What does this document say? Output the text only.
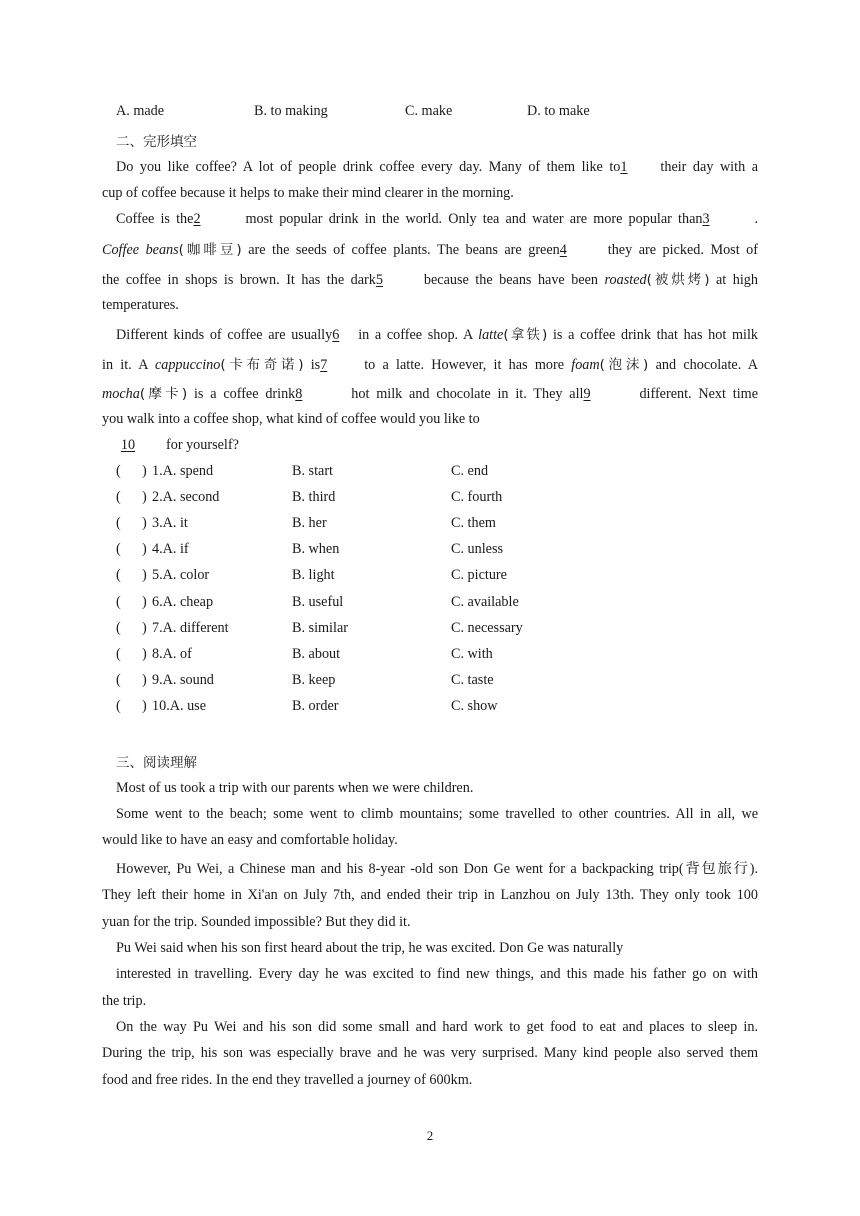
A. made	B. to making	C. make	D. to make
二、完形填空
Do you like coffee? A lot of people drink coffee every day. Many of them like to1 their day with a
cup of coffee because it helps to make their mind clearer in the morning.
Coffee is the2	most popular drink in the world. Only tea and water are more popular than3	.
Coffee beans(咖啡豆) are the seeds of coffee plants. The beans are green4	they are picked. Most of
the coffee in shops is brown. It has the dark5	because the beans have been roasted(被烘烤) at high
temperatures.
Different kinds of coffee are usually6 in a coffee shop. A latte(拿铁) is a coffee drink that has hot milk
in it. A cappuccino(卡布奇诺) is7	to a latte. However, it has more foam(泡沫) and chocolate. A
mocha(摩卡) is a coffee drink8	hot milk and chocolate in it. They all9	different. Next time
you walk into a coffee shop, what kind of coffee would you like to
10 for yourself?
(      ) 1.A. spend	B. start	C. end
(      ) 2.A. second	B. third	C. fourth
(      ) 3.A. it	B. her	C. them
(      ) 4.A. if	B. when	C. unless
(      ) 5.A. color	B. light	C. picture
(      ) 6.A. cheap	B. useful	C. available
(      ) 7.A. different	B. similar	C. necessary
(      ) 8.A. of	B. about	C. with
(      ) 9.A. sound	B. keep	C. taste
(      ) 10.A. use	B. order	C. show
三、阅读理解
Most of us took a trip with our parents when we were children.
Some went to the beach; some went to climb mountains; some travelled to other countries. All in all, we
would like to have an easy and comfortable holiday.
However, Pu Wei, a Chinese man and his 8-year -old son Don Ge went for a backpacking trip(背包旅行).
They left their home in Xi'an on July 7th, and ended their trip in Lanzhou on July 13th. They only took 100
yuan for the trip. Sounded impossible? But they did it.
Pu Wei said when his son first heard about the trip, he was excited. Don Ge was naturally
interested in travelling. Every day he was excited to find new things, and this made his father go on with
the trip.
On the way Pu Wei and his son did some small and hard work to get food to eat and places to sleep in.
During the trip, his son was especially brave and he was very surprised. Many kind people also served them
food and free rides. In the end they travelled a journey of 600km.
2
